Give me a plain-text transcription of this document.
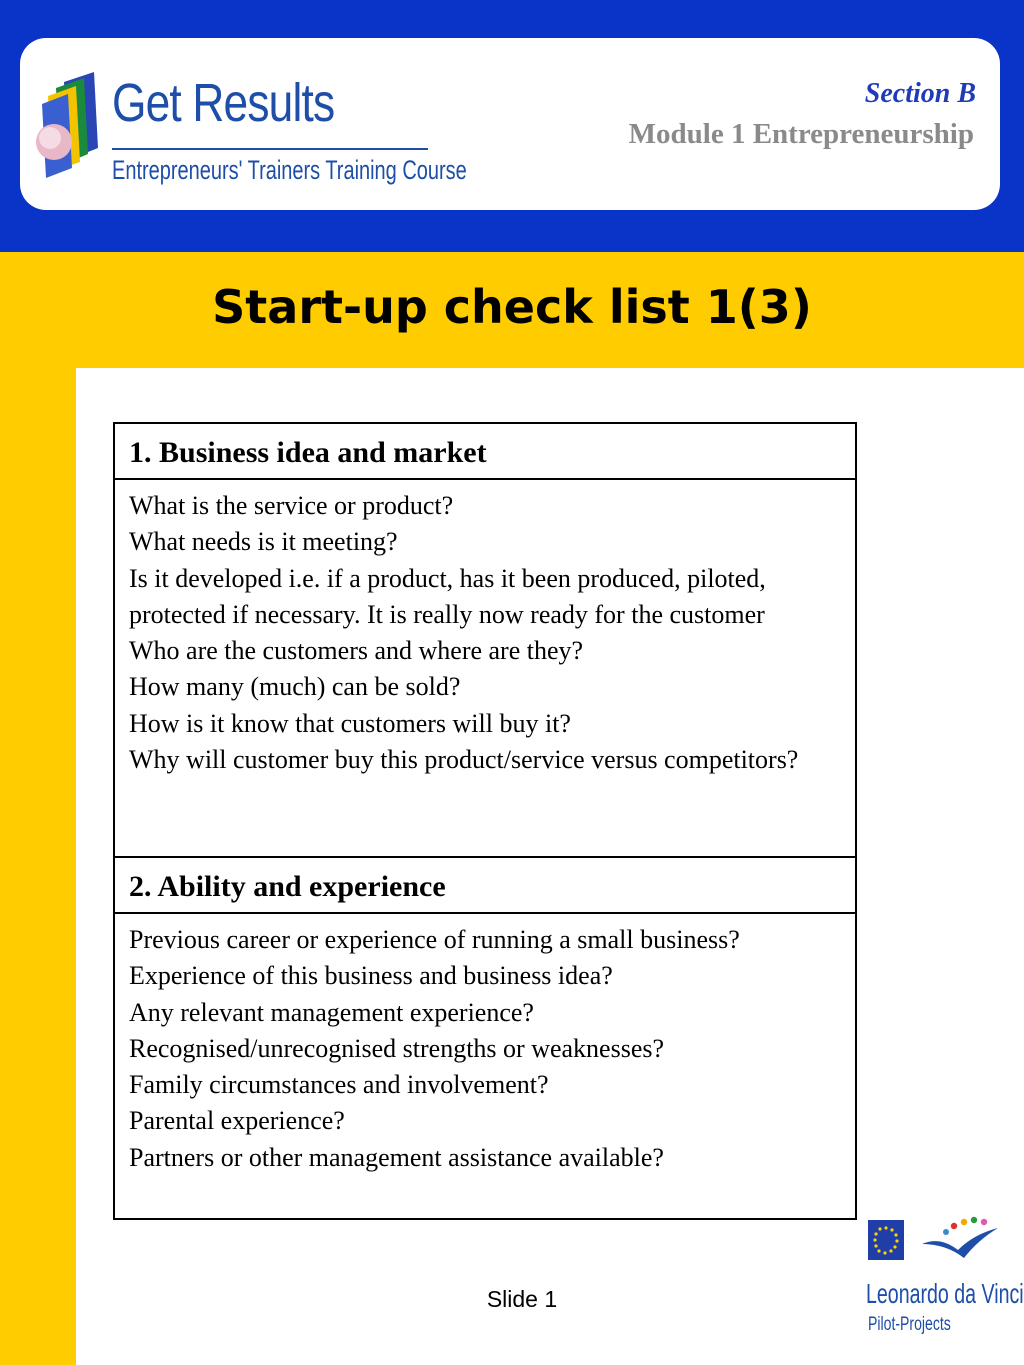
Get Results
Entrepreneurs' Trainers Training Course
Section B
Module 1 Entrepreneurship
Start-up check list 1(3)
1. Business idea and market
What is the service or product?
What needs is it meeting?
Is it developed i.e. if a product, has it been produced, piloted, protected if necessary. It is really now ready for the customer
Who are the customers and where are they?
How many (much) can be sold?
How is it know that customers will buy it?
Why will customer buy this product/service versus competitors?
2. Ability and experience
Previous career or experience of running a small business?
Experience of this business and business idea?
Any relevant management experience?
Recognised/unrecognised strengths or weaknesses?
Family circumstances and involvement?
Parental experience?
Partners or other management assistance available?
Slide 1	Leonardo da Vinci
Pilot-Projects
